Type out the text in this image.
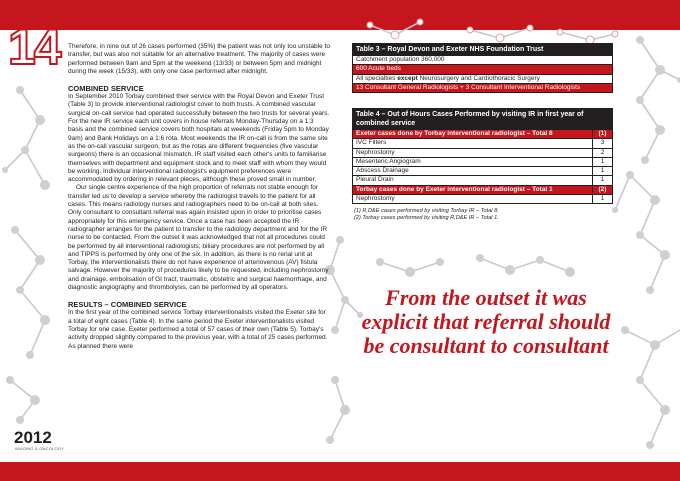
14
2012
IMAGING & ONCOLOGY

Therefore, in nine out of 26 cases performed (35%) the patient was not only too unstable to transfer, but was also not suitable for an alternative treatment. The majority of cases were performed between 9am and 5pm at the weekend (13/33) or between 5pm and midnight during the week (15/33), with only one case performed after midnight.

COMBINED SERVICE

In September 2010 Torbay combined their service with the Royal Devon and Exeter Trust (Table 3) to provide interventional radiologist cover to both trusts. A combined vascular surgical on-call service had operated successfully between the two trusts for several years. For the new IR service each unit covers in house referrals Monday-Thursday on a 1:3 basis and the combined service covers both hospitals at weekends (Friday 5pm to Monday 9am) and Bank Holidays on a 1:6 rota. Most weekends the IR on-call is from the same site as the on-call vascular surgeon, but as the rotas are different frequencies (five vascular surgeons) there is an occasional mismatch. IR staff visited each other's units to familiarise themselves with department and equipment stock and to meet staff with whom they would be working. Individual interventional radiologist's equipment preferences were accommodated by ordering in relevant pieces, although these proved small in number.

Our single centre experience of the high proportion of referrals not stable enough for transfer led us to develop a service whereby the radiologist travels to the patient for all cases. This means radiology nurses and radiographers need to be on-call at both sites. Only consultant to consultant referral was again insisted upon in order to prioritise cases appropriately for this emergency service. Once a case has been accepted the IR radiographer arranges for the patient to transfer to the radiology department and for the IR nurse to be contacted. From the outset it was acknowledged that not all procedures could be performed by all interventional radiologists; biliary procedures are not performed by all and TIPPS is performed by only one of the six. In addition, as there is no renal unit at Torbay, the interventionalists there do not have experience of arteriovenous (AV) fistula salvage. However the majority of procedures likely to be requested, including nephrostomy and drainage, embolisation of GI tract, traumatic, obstetric and surgical haemorrhage, and diagnostic angiography and thrombolysis, can be performed by all operators.

RESULTS – COMBINED SERVICE

In the first year of the combined service Torbay interventionalists visited the Exeter site for a total of eight cases (Table 4). In the same period the Exeter interventionalists visited Torbay for one case. Exeter performed a total of 57 cases of their own (Table 5). Torbay's activity dropped slightly compared to the previous year, with a total of 25 cases performed. As planned there were

Table 3 – Royal Devon and Exeter NHS Foundation Trust
Catchment population 360,000
600 Acute beds
All specialties except Neurosurgery and Cardiothoracic Surgery
13 Consultant General Radiologists + 3 Consultant Interventional Radiologists
Table 4 – Out of Hours Cases Performed by visiting IR in first year of combined service	
Exeter cases done by Torbay interventional radiologist – Total 8	(1)
IVC Filters	3
Nephrostomy	2
Mesenteric Angiogram	1
Abscess Drainage	1
Pleural Drain	1
Torbay cases done by Exeter interventional radiologist – Total 1	(2)
Nephrostomy	1
(1) R,D&E cases performed by visiting Torbay IR – Total 8.
(2) Torbay cases performed by visiting R,D&E IR – Total 1.
From the outset it was explicit that referral should be consultant to consultant
